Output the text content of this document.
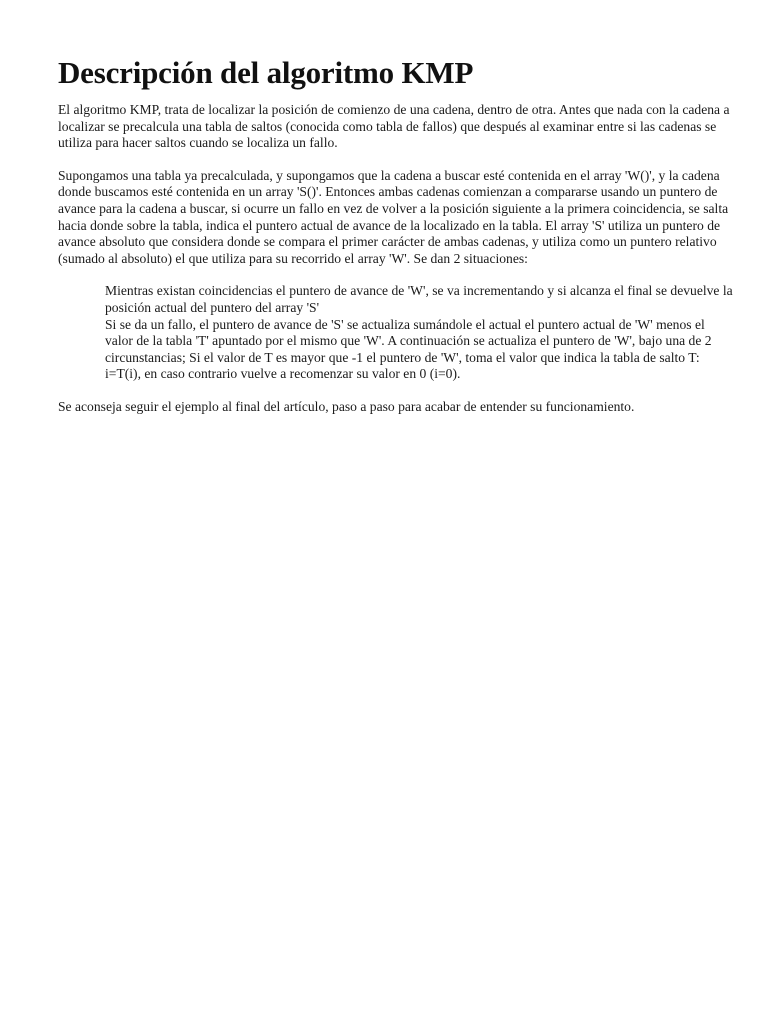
Descripción del algoritmo KMP

El algoritmo KMP, trata de localizar la posición de comienzo de una cadena, dentro de otra. Antes que nada con la cadena a localizar se precalcula una tabla de saltos (conocida como tabla de fallos) que después al examinar entre si las cadenas se utiliza para hacer saltos cuando se localiza un fallo.

Supongamos una tabla ya precalculada, y supongamos que la cadena a buscar esté contenida en el array 'W()', y la cadena donde buscamos esté contenida en un array 'S()'. Entonces ambas cadenas comienzan a compararse usando un puntero de avance para la cadena a buscar, si ocurre un fallo en vez de volver a la posición siguiente a la primera coincidencia, se salta hacia donde sobre la tabla, indica el puntero actual de avance de la localizado en la tabla. El array 'S' utiliza un puntero de avance absoluto que considera donde se compara el primer carácter de ambas cadenas, y utiliza como un puntero relativo (sumado al absoluto) el que utiliza para su recorrido el array 'W'. Se dan 2 situaciones:

Mientras existan coincidencias el puntero de avance de 'W', se va incrementando y si alcanza el final se devuelve la posición actual del puntero del array 'S'

Si se da un fallo, el puntero de avance de 'S' se actualiza sumándole el actual el puntero actual de 'W' menos el valor de la tabla 'T' apuntado por el mismo que 'W'. A continuación se actualiza el puntero de 'W', bajo una de 2 circunstancias; Si el valor de T es mayor que -1 el puntero de 'W', toma el valor que indica la tabla de salto T: i=T(i), en caso contrario vuelve a recomenzar su valor en 0 (i=0).

Se aconseja seguir el ejemplo al final del artículo, paso a paso para acabar de entender su funcionamiento.
